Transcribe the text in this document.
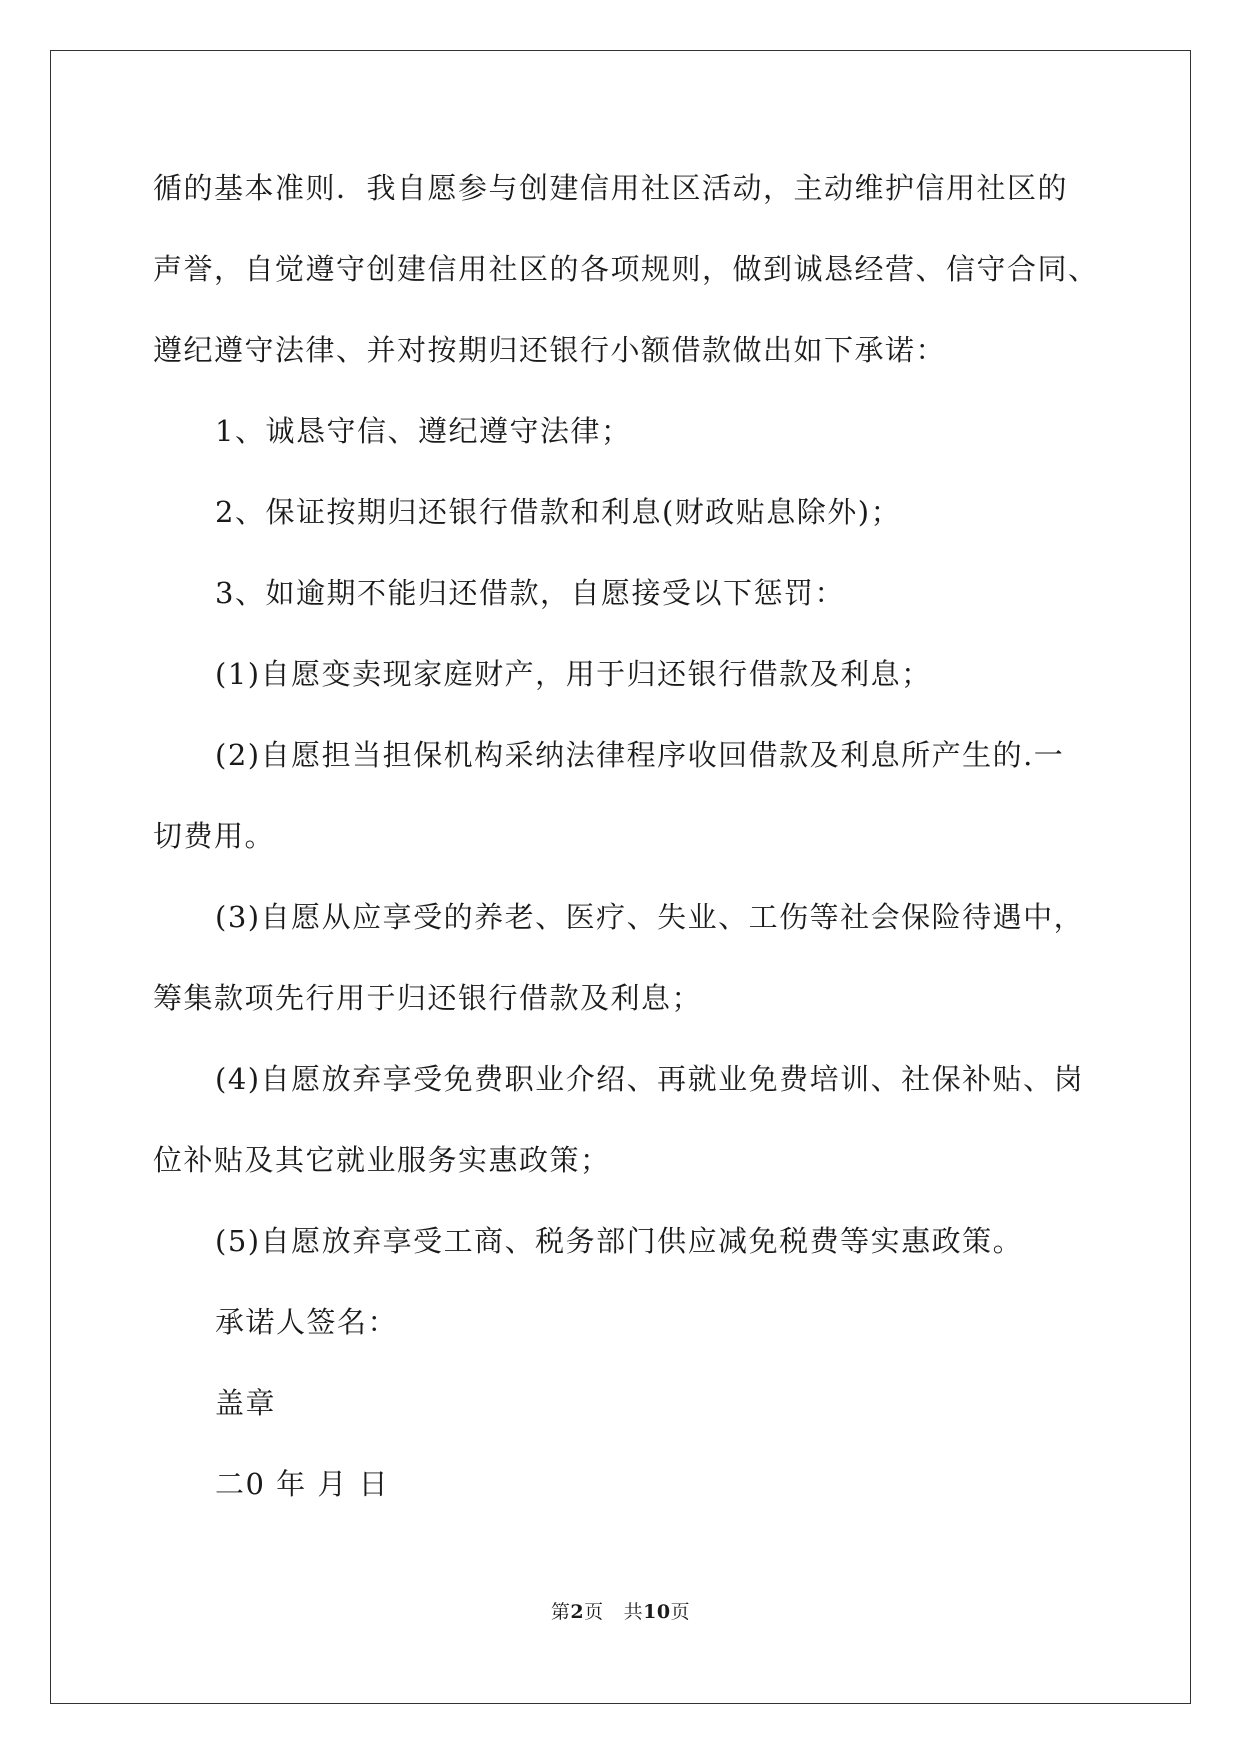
循的基本准则．我自愿参与创建信用社区活动，主动维护信用社区的
声誉，自觉遵守创建信用社区的各项规则，做到诚恳经营、信守合同、
遵纪遵守法律、并对按期归还银行小额借款做出如下承诺：
1、诚恳守信、遵纪遵守法律；
2、保证按期归还银行借款和利息(财政贴息除外)；
3、如逾期不能归还借款，自愿接受以下惩罚：
(1)自愿变卖现家庭财产，用于归还银行借款及利息；
(2)自愿担当担保机构采纳法律程序收回借款及利息所产生的.一
切费用。
(3)自愿从应享受的养老、医疗、失业、工伤等社会保险待遇中，
筹集款项先行用于归还银行借款及利息；
(4)自愿放弃享受免费职业介绍、再就业免费培训、社保补贴、岗
位补贴及其它就业服务实惠政策；
(5)自愿放弃享受工商、税务部门供应减免税费等实惠政策。
承诺人签名：
盖章
二0 年 月 日
第2页 共10页
